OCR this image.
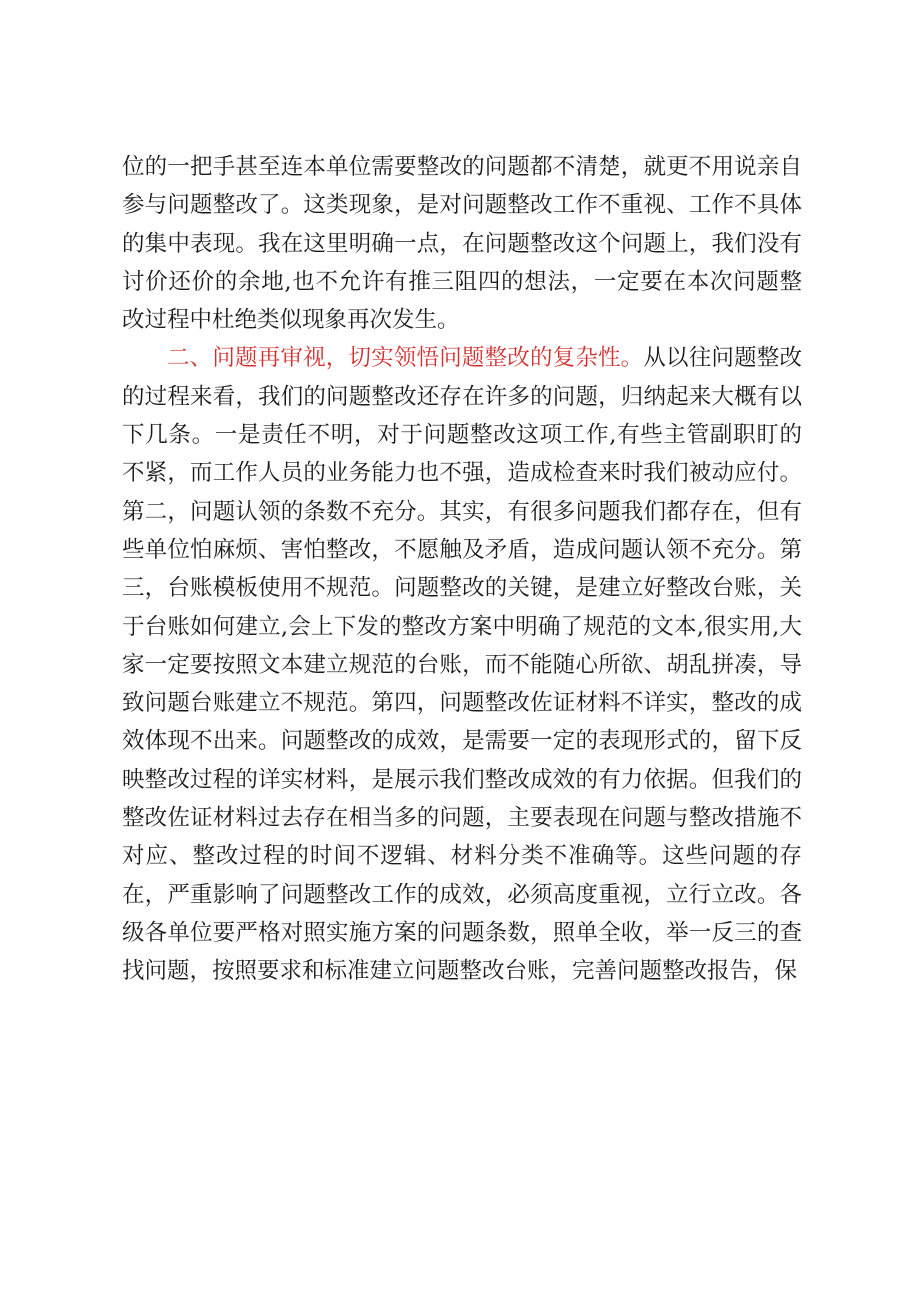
位的一把手甚至连本单位需要整改的问题都不清楚，就更不用说亲自参与问题整改了。这类现象，是对问题整改工作不重视、工作不具体的集中表现。我在这里明确一点，在问题整改这个问题上，我们没有讨价还价的余地,也不允许有推三阻四的想法，一定要在本次问题整改过程中杜绝类似现象再次发生。

二、问题再审视，切实领悟问题整改的复杂性。从以往问题整改的过程来看，我们的问题整改还存在许多的问题，归纳起来大概有以下几条。一是责任不明，对于问题整改这项工作,有些主管副职盯的不紧，而工作人员的业务能力也不强，造成检查来时我们被动应付。第二，问题认领的条数不充分。其实，有很多问题我们都存在，但有些单位怕麻烦、害怕整改，不愿触及矛盾，造成问题认领不充分。第三，台账模板使用不规范。问题整改的关键，是建立好整改台账，关于台账如何建立,会上下发的整改方案中明确了规范的文本,很实用,大家一定要按照文本建立规范的台账，而不能随心所欲、胡乱拼凑，导致问题台账建立不规范。第四，问题整改佐证材料不详实，整改的成效体现不出来。问题整改的成效，是需要一定的表现形式的，留下反映整改过程的详实材料，是展示我们整改成效的有力依据。但我们的整改佐证材料过去存在相当多的问题，主要表现在问题与整改措施不对应、整改过程的时间不逻辑、材料分类不准确等。这些问题的存在，严重影响了问题整改工作的成效，必须高度重视，立行立改。各级各单位要严格对照实施方案的问题条数，照单全收，举一反三的查找问题，按照要求和标准建立问题整改台账，完善问题整改报告，保
